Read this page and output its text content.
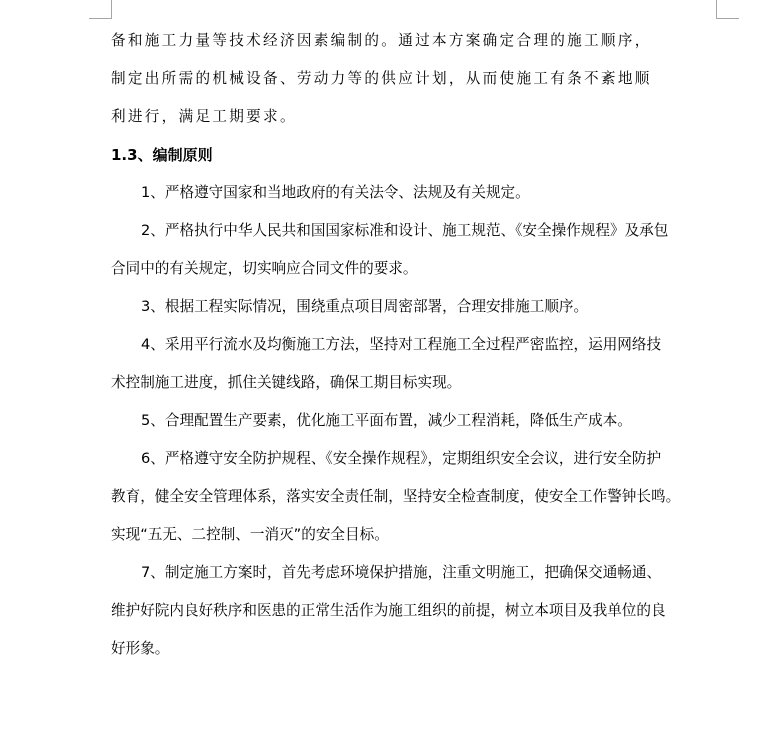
备和施工力量等技术经济因素编制的。通过本方案确定合理的施工顺序，
制定出所需的机械设备、劳动力等的供应计划，从而使施工有条不紊地顺
利进行，满足工期要求。
1.3、编制原则
1、严格遵守国家和当地政府的有关法令、法规及有关规定。
2、严格执行中华人民共和国国家标准和设计、施工规范、《安全操作规程》及承包
合同中的有关规定，切实响应合同文件的要求。
3、根据工程实际情况，围绕重点项目周密部署，合理安排施工顺序。
4、采用平行流水及均衡施工方法，坚持对工程施工全过程严密监控，运用网络技
术控制施工进度，抓住关键线路，确保工期目标实现。
5、合理配置生产要素，优化施工平面布置，减少工程消耗，降低生产成本。
6、严格遵守安全防护规程、《安全操作规程》，定期组织安全会议，进行安全防护
教育，健全安全管理体系，落实安全责任制，坚持安全检查制度，使安全工作警钟长鸣。
实现“五无、二控制、一消灭”的安全目标。
7、制定施工方案时，首先考虑环境保护措施，注重文明施工，把确保交通畅通、
维护好院内良好秩序和医患的正常生活作为施工组织的前提，树立本项目及我单位的良
好形象。
